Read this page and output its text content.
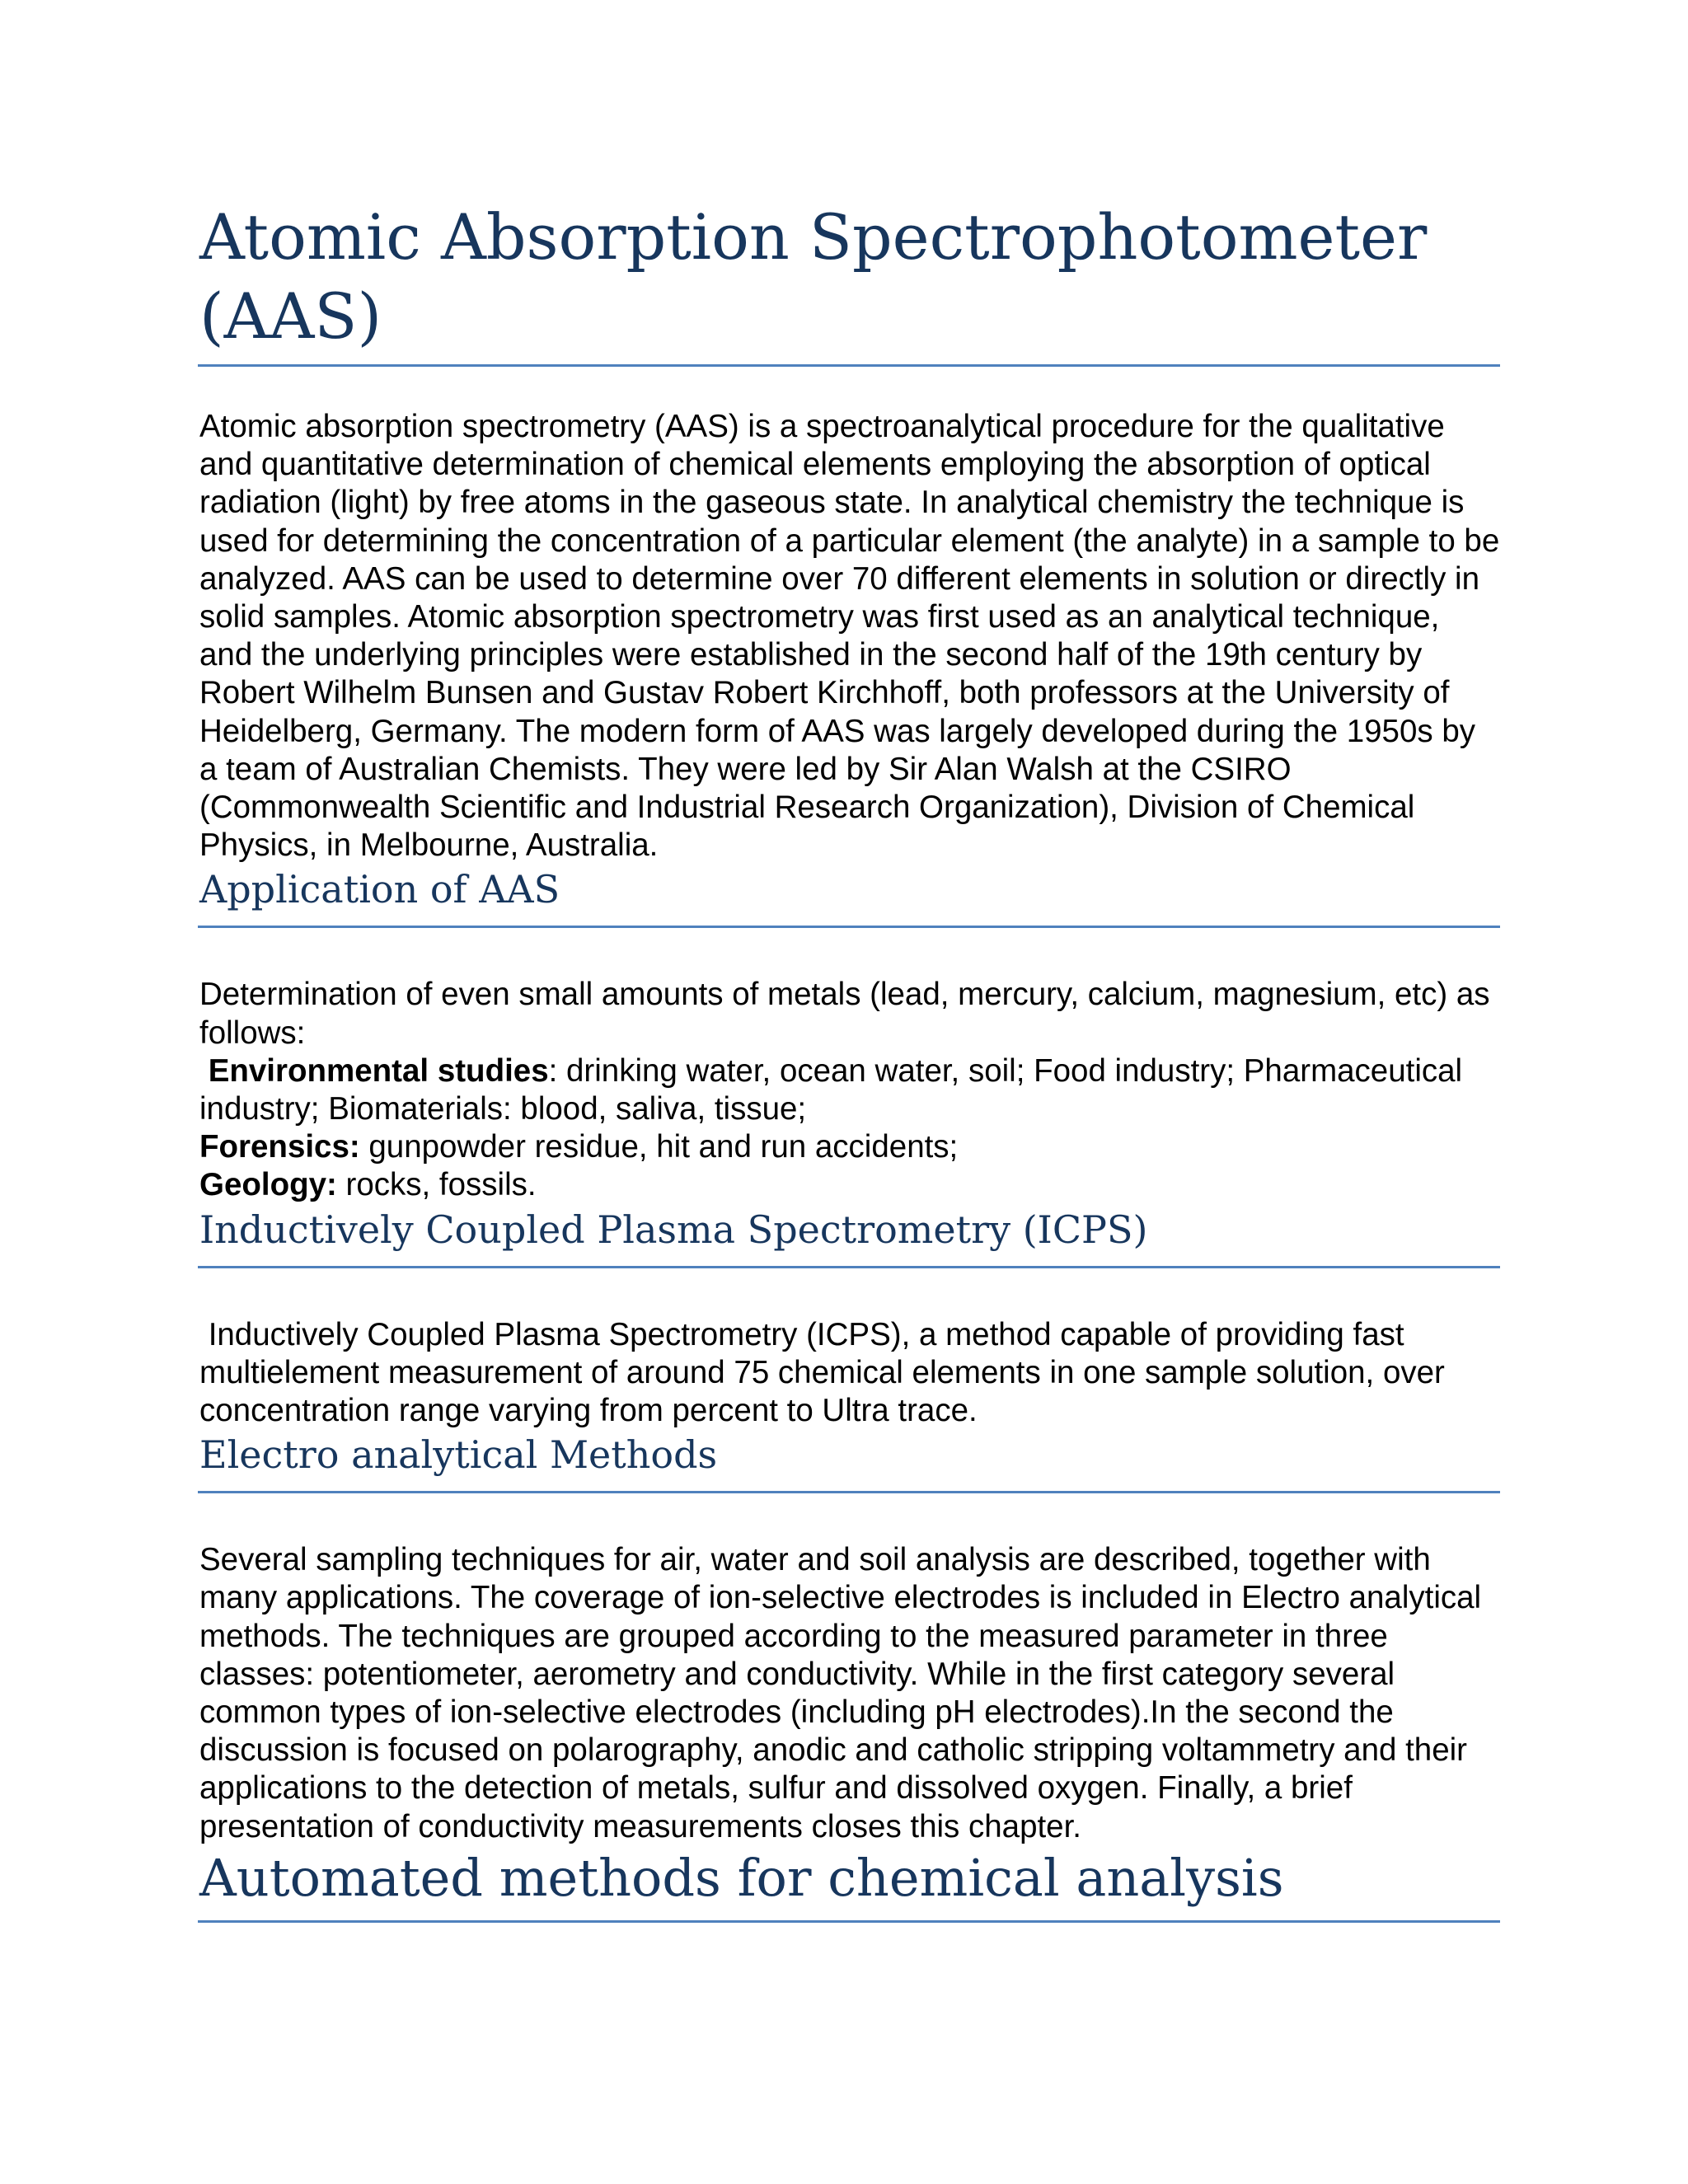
Atomic Absorption Spectrophotometer (AAS)

Atomic absorption spectrometry (AAS) is a spectroanalytical procedure for the qualitative and quantitative determination of chemical elements employing the absorption of optical radiation (light) by free atoms in the gaseous state. In analytical chemistry the technique is used for determining the concentration of a particular element (the analyte) in a sample to be analyzed. AAS can be used to determine over 70 different elements in solution or directly in solid samples. Atomic absorption spectrometry was first used as an analytical technique, and the underlying principles were established in the second half of the 19th century by Robert Wilhelm Bunsen and Gustav Robert Kirchhoff, both professors at the University of Heidelberg, Germany. The modern form of AAS was largely developed during the 1950s by a team of Australian Chemists. They were led by Sir Alan Walsh at the CSIRO (Commonwealth Scientific and Industrial Research Organization), Division of Chemical Physics, in Melbourne, Australia.

Application of AAS

Determination of even small amounts of metals (lead, mercury, calcium, magnesium, etc) as follows:

Environmental studies: drinking water, ocean water, soil; Food industry; Pharmaceutical industry; Biomaterials: blood, saliva, tissue;

Forensics: gunpowder residue, hit and run accidents;

Geology: rocks, fossils.

Inductively Coupled Plasma Spectrometry (ICPS)

Inductively Coupled Plasma Spectrometry (ICPS), a method capable of providing fast multielement measurement of around 75 chemical elements in one sample solution, over concentration range varying from percent to Ultra trace.

Electro analytical Methods

Several sampling techniques for air, water and soil analysis are described, together with many applications. The coverage of ion-selective electrodes is included in Electro analytical methods. The techniques are grouped according to the measured parameter in three classes: potentiometer, aerometry and conductivity. While in the first category several common types of ion-selective electrodes (including pH electrodes).In the second the discussion is focused on polarography, anodic and catholic stripping voltammetry and their applications to the detection of metals, sulfur and dissolved oxygen. Finally, a brief presentation of conductivity measurements closes this chapter.

Automated methods for chemical analysis
